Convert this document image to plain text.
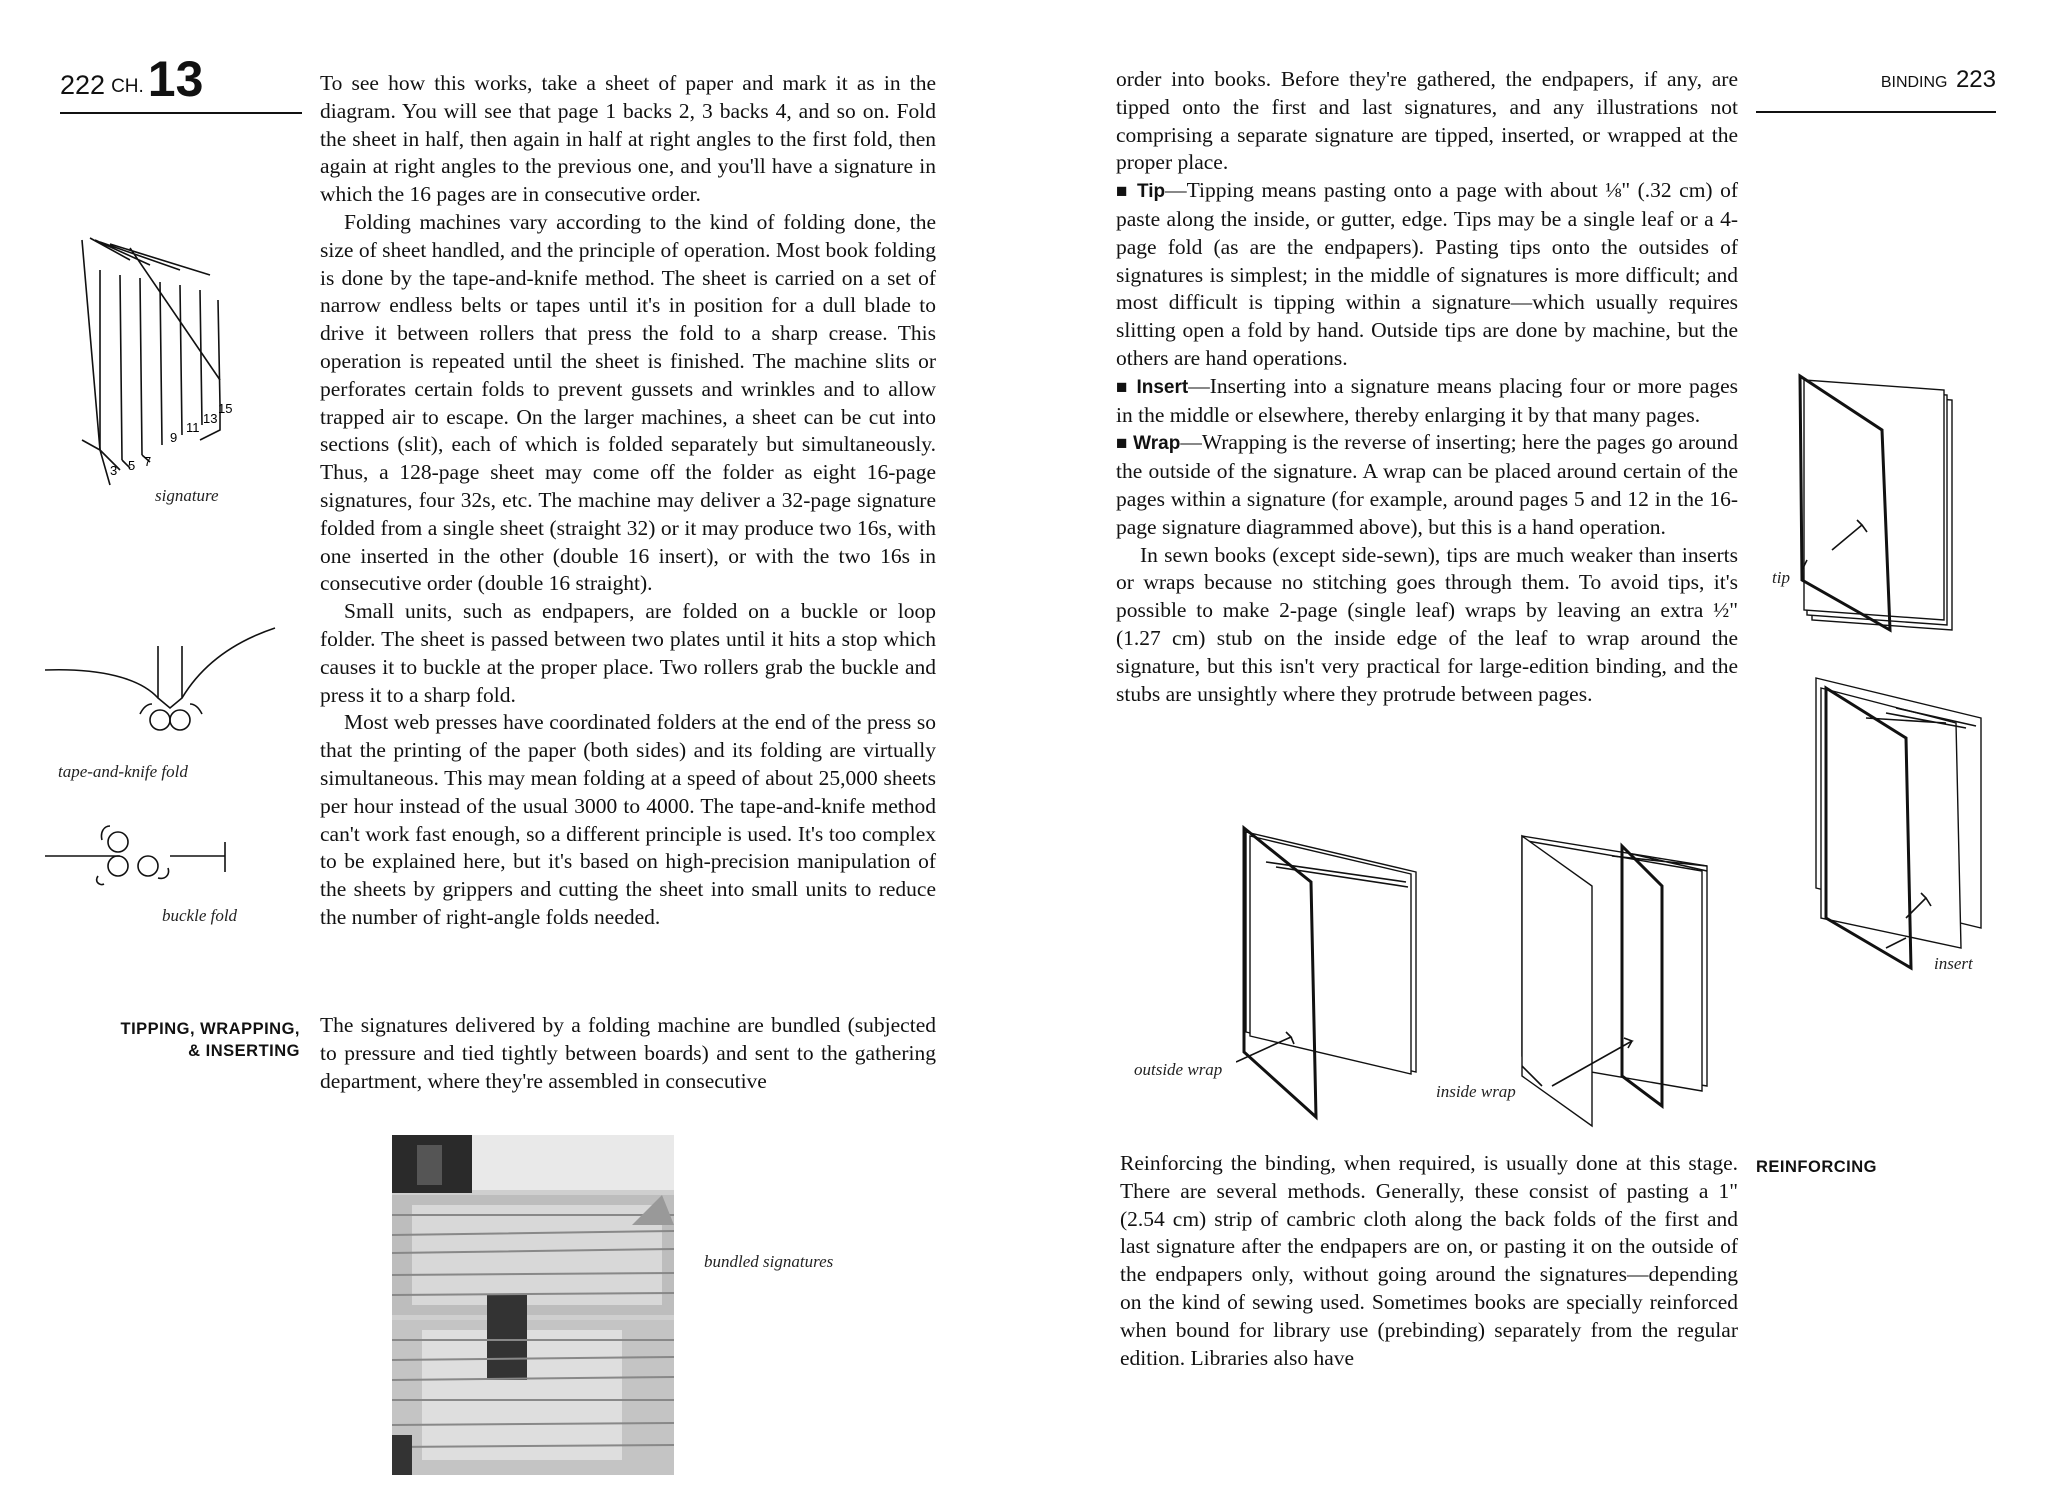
222 CH. 13	To see how this works, take a sheet of paper and mark it as in the diagram. You will see that page 1 backs 2, 3 backs 4, and so on. Fold the sheet in half, then again in half at right angles to the first fold, then again at right angles to the previous one, and you'll have a signature in which the 16 pages are in consecutive order.

Folding machines vary according to the kind of folding done, the size of sheet handled, and the principle of operation. Most book folding is done by the tape-and-knife method. The sheet is carried on a set of narrow endless belts or tapes until it's in position for a dull blade to drive it between rollers that press the fold to a sharp crease. This operation is repeated until the sheet is finished. The machine slits or perforates certain folds to prevent gussets and wrinkles and to allow trapped air to escape. On the larger machines, a sheet can be cut into sections (slit), each of which is folded separately but simultaneously. Thus, a 128-page sheet may come off the folder as eight 16-page signatures, four 32s, etc. The machine may deliver a 32-page signature folded from a single sheet (straight 32) or it may produce two 16s, with one inserted in the other (double 16 insert), or with the two 16s in consecutive order (double 16 straight).

Small units, such as endpapers, are folded on a buckle or loop folder. The sheet is passed between two plates until it hits a stop which causes it to buckle at the proper place. Two rollers grab the buckle and press it to a sharp fold.

Most web presses have coordinated folders at the end of the press so that the printing of the paper (both sides) and its folding are virtually simultaneous. This may mean folding at a speed of about 25,000 sheets per hour instead of the usual 3000 to 4000. The tape-and-knife method can't work fast enough, so a different principle is used. It's too complex to be explained here, but it's based on high-precision manipulation of the sheets by grippers and cutting the sheet into small units to reduce the number of right-angle folds needed.

3 5 7
9
11
13
15
signature
tape-and-knife fold
buckle fold
TIPPING, WRAPPING,
& INSERTING
The signatures delivered by a folding machine are bundled (subjected to pressure and tied tightly between boards) and sent to the gathering department, where they're assembled in consecutive
bundled signatures
BINDING 223

order into books. Before they're gathered, the endpapers, if any, are tipped onto the first and last signatures, and any illustrations not comprising a separate signature are tipped, inserted, or wrapped at the proper place.

■ Tip—Tipping means pasting onto a page with about ⅛" (.32 cm) of paste along the inside, or gutter, edge. Tips may be a single leaf or a 4-page fold (as are the endpapers). Pasting tips onto the outsides of signatures is simplest; in the middle of signatures is more difficult; and most difficult is tipping within a signature—which usually requires slitting open a fold by hand. Outside tips are done by machine, but the others are hand operations.

■ Insert—Inserting into a signature means placing four or more pages in the middle or elsewhere, thereby enlarging it by that many pages.

■ Wrap—Wrapping is the reverse of inserting; here the pages go around the outside of the signature. A wrap can be placed around certain of the pages within a signature (for example, around pages 5 and 12 in the 16-page signature diagrammed above), but this is a hand operation.

In sewn books (except side-sewn), tips are much weaker than inserts or wraps because no stitching goes through them. To avoid tips, it's possible to make 2-page (single leaf) wraps by leaving an extra ½" (1.27 cm) stub on the inside edge of the leaf to wrap around the signature, but this isn't very practical for large-edition binding, and the stubs are unsightly where they protrude between pages.

tip
insert
outside wrap
inside wrap
REINFORCING
Reinforcing the binding, when required, is usually done at this stage. There are several methods. Generally, these consist of pasting a 1" (2.54 cm) strip of cambric cloth along the back folds of the first and last signature after the endpapers are on, or pasting it on the outside of the endpapers only, without going around the signatures—depending on the kind of sewing used. Sometimes books are specially reinforced when bound for library use (prebinding) separately from the regular edition. Libraries also have
